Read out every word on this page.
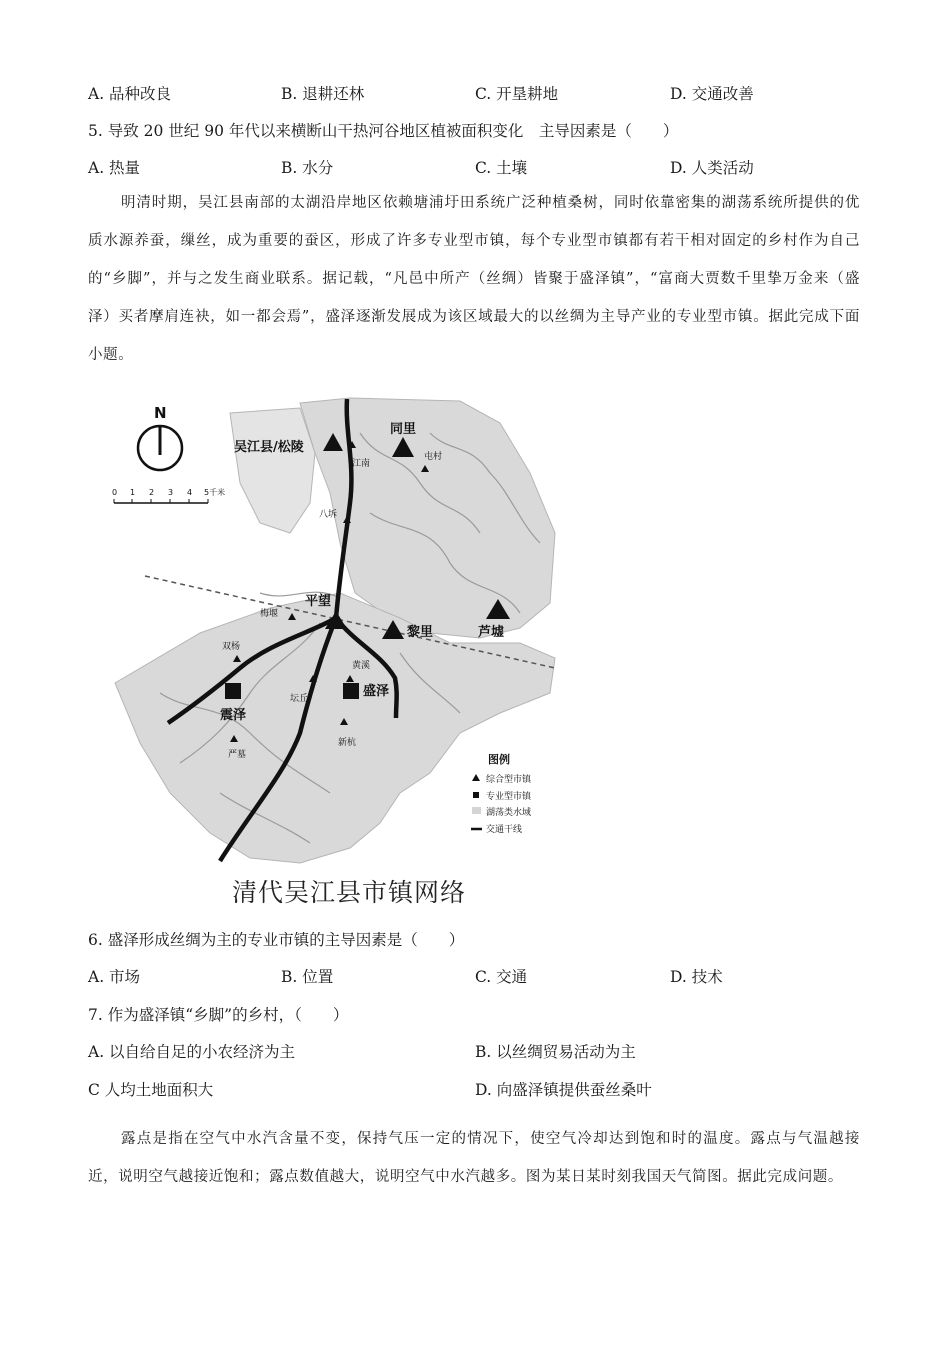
A. 品种改良	B. 退耕还林	C. 开垦耕地	D. 交通改善
5. 导致 20 世纪 90 年代以来横断山干热河谷地区植被面积变化　主导因素是（　　）
A. 热量	B. 水分	C. 土壤	D. 人类活动
明清时期，吴江县南部的太湖沿岸地区依赖塘浦圩田系统广泛种植桑树，同时依靠密集的湖荡系统所提供的优质水源养蚕，缫丝，成为重要的蚕区，形成了许多专业型市镇，每个专业型市镇都有若干相对固定的乡村作为自己的“乡脚”，并与之发生商业联系。据记载，“凡邑中所产（丝绸）皆聚于盛泽镇”，“富商大贾数千里挚万金来（盛泽）买者摩肩连袂，如一都会焉”，盛泽逐渐发展成为该区域最大的以丝绸为主导产业的专业型市镇。据此完成下面小题。
N
0 1 2 3 4 5千米
吴江县/松陵
同里
平望
黎里	芦墟
震泽
盛泽
江南
屯村
八坼
梅堰
双杨
坛丘
黄溪
新杭
严墓	图例
综合型市镇
专业型市镇
湖荡类水域
交通干线
清代吴江县市镇网络
6. 盛泽形成丝绸为主的专业市镇的主导因素是（　　）
A. 市场	B. 位置	C. 交通	D. 技术
7. 作为盛泽镇“乡脚”的乡村，（　　）
A. 以自给自足的小农经济为主	B. 以丝绸贸易活动为主
C 人均土地面积大	D. 向盛泽镇提供蚕丝桑叶
露点是指在空气中水汽含量不变，保持气压一定的情况下，使空气冷却达到饱和时的温度。露点与气温越接近，说明空气越接近饱和；露点数值越大，说明空气中水汽越多。图为某日某时刻我国天气简图。据此完成问题。
